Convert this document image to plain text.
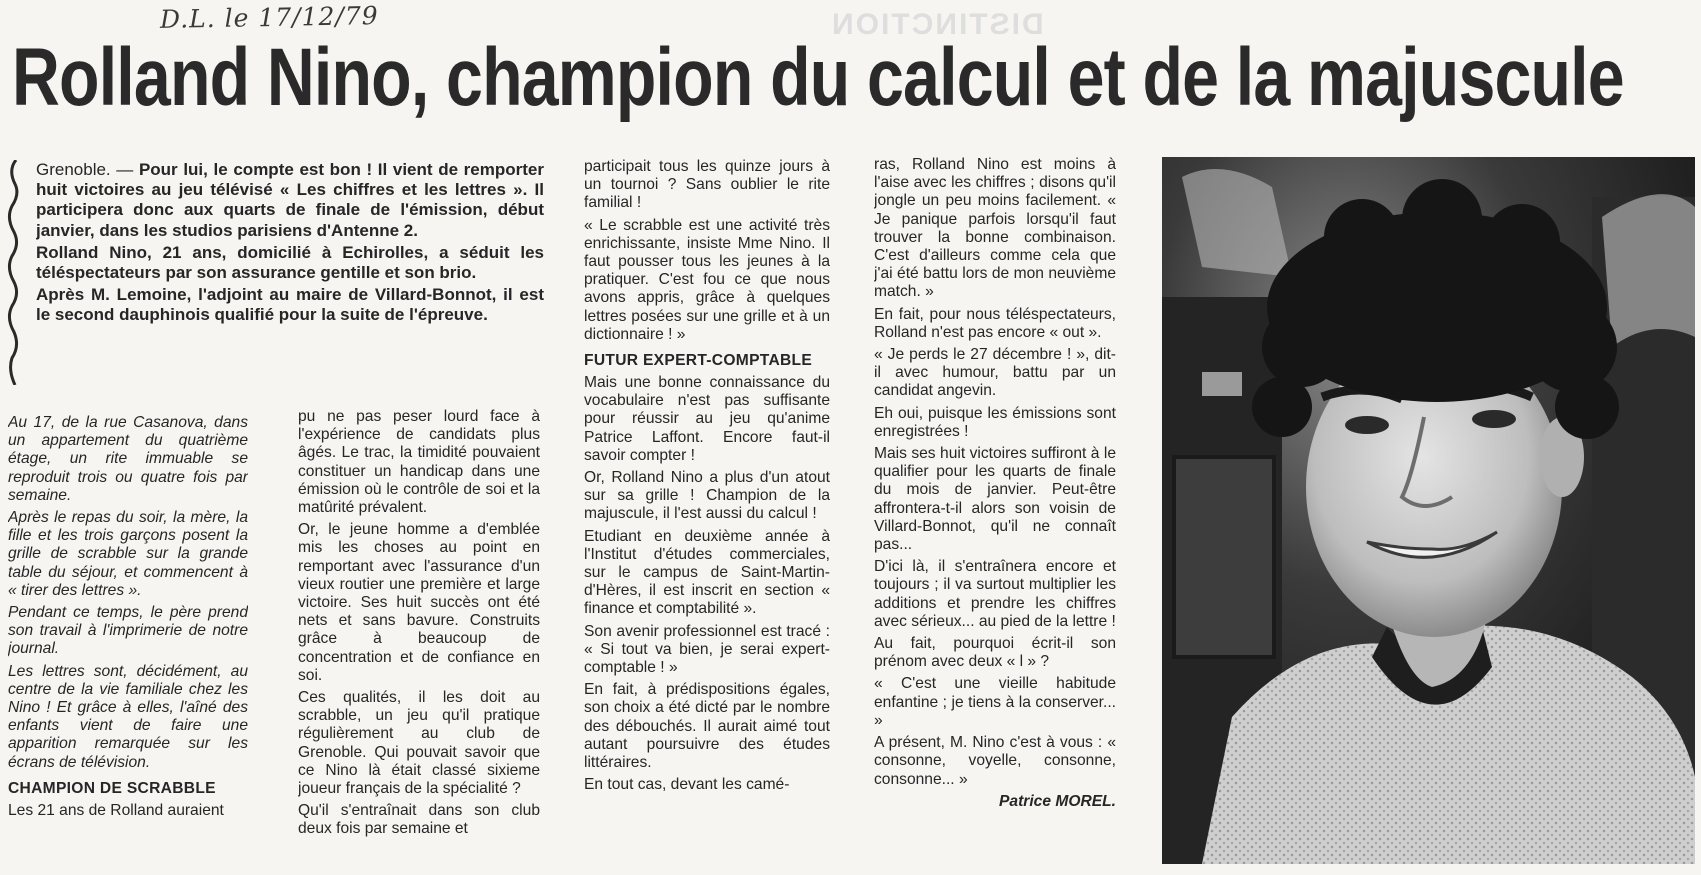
DISTINCTION
D.L. le 17/12/79
Rolland Nino, champion du calcul et de la majuscule

Grenoble. — Pour lui, le compte est bon ! Il vient de remporter huit victoires au jeu télévisé « Les chiffres et les lettres ». Il participera donc aux quarts de finale de l'émission, début janvier, dans les studios parisiens d'Antenne 2.

Rolland Nino, 21 ans, domicilié à Echirolles, a séduit les téléspectateurs par son assurance gentille et son brio.

Après M. Lemoine, l'adjoint au maire de Villard-Bonnot, il est le second dauphinois qualifié pour la suite de l'épreuve.

Au 17, de la rue Casanova, dans un appartement du quatrième étage, un rite immuable se reproduit trois ou quatre fois par semaine.

Après le repas du soir, la mère, la fille et les trois garçons posent la grille de scrabble sur la grande table du séjour, et commencent à « tirer des lettres ».

Pendant ce temps, le père prend son travail à l'imprimerie de notre journal.

Les lettres sont, décidément, au centre de la vie familiale chez les Nino ! Et grâce à elles, l'aîné des enfants vient de faire une apparition remarquée sur les écrans de télévision.

CHAMPION DE SCRABBLE

Les 21 ans de Rolland auraient

pu ne pas peser lourd face à l'expérience de candidats plus âgés. Le trac, la timidité pouvaient constituer un handicap dans une émission où le contrôle de soi et la matûrité prévalent.

Or, le jeune homme a d'emblée mis les choses au point en remportant avec l'assurance d'un vieux routier une première et large victoire. Ses huit succès ont été nets et sans bavure. Construits grâce à beaucoup de concentration et de confiance en soi.

Ces qualités, il les doit au scrabble, un jeu qu'il pratique régulièrement au club de Grenoble. Qui pouvait savoir que ce Nino là était classé sixieme joueur français de la spécialité ?

Qu'il s'entraînait dans son club deux fois par semaine et

participait tous les quinze jours à un tournoi ? Sans oublier le rite familial !

« Le scrabble est une activité très enrichissante, insiste Mme Nino. Il faut pousser tous les jeunes à la pratiquer. C'est fou ce que nous avons appris, grâce à quelques lettres posées sur une grille et à un dictionnaire ! »

FUTUR EXPERT-COMPTABLE

Mais une bonne connaissance du vocabulaire n'est pas suffisante pour réussir au jeu qu'anime Patrice Laffont. Encore faut-il savoir compter !

Or, Rolland Nino a plus d'un atout sur sa grille ! Champion de la majuscule, il l'est aussi du calcul !

Etudiant en deuxième année à l'Institut d'études commerciales, sur le campus de Saint-Martin-d'Hères, il est inscrit en section « finance et comptabilité ».

Son avenir professionnel est tracé : « Si tout va bien, je serai expert-comptable ! »

En fait, à prédispositions égales, son choix a été dicté par le nombre des débouchés. Il aurait aimé tout autant poursuivre des études littéraires.

En tout cas, devant les camé-

ras, Rolland Nino est moins à l'aise avec les chiffres ; disons qu'il jongle un peu moins facilement. « Je panique parfois lorsqu'il faut trouver la bonne combinaison. C'est d'ailleurs comme cela que j'ai été battu lors de mon neuvième match. »

En fait, pour nous téléspectateurs, Rolland n'est pas encore « out ».

« Je perds le 27 décembre ! », dit-il avec humour, battu par un candidat angevin.

Eh oui, puisque les émissions sont enregistrées !

Mais ses huit victoires suffiront à le qualifier pour les quarts de finale du mois de janvier. Peut-être affrontera-t-il alors son voisin de Villard-Bonnot, qu'il ne connaît pas...

D'ici là, il s'entraînera encore et toujours ; il va surtout multiplier les additions et prendre les chiffres avec sérieux... au pied de la lettre !

Au fait, pourquoi écrit-il son prénom avec deux « l » ?

« C'est une vieille habitude enfantine ; je tiens à la conserver... »

A présent, M. Nino c'est à vous : « consonne, voyelle, consonne, consonne... »

Patrice MOREL.
